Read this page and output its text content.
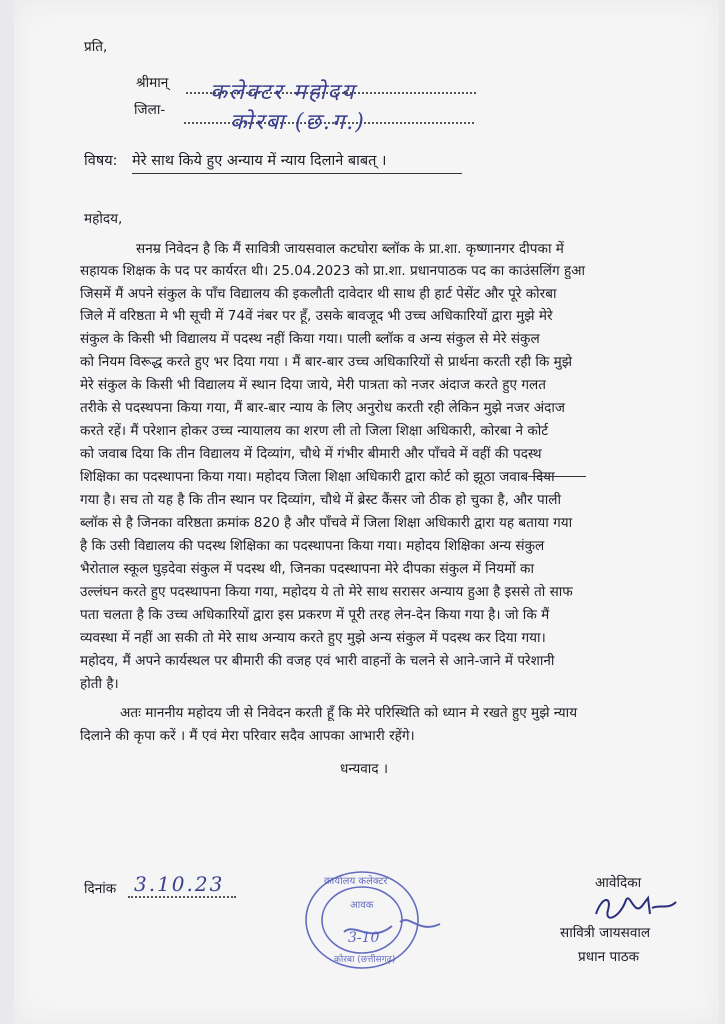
प्रति,
श्रीमान् कलेक्टर महोदय
जिला-	कोरबा (छ.ग.)
विषय: मेरे साथ किये हुए अन्याय में न्याय दिलाने बाबत् ।
महोदय,
सनम्र निवेदन है कि मैं सावित्री जायसवाल कटघोरा ब्लॉक के प्रा.शा. कृष्णानगर दीपका में
सहायक शिक्षक के पद पर कार्यरत थी। 25.04.2023 को प्रा.शा. प्रधानपाठक पद का काउंसलिंग हुआ
जिसमें मैं अपने संकुल के पाँच विद्यालय की इकलौती दावेदार थी साथ ही हार्ट पेसेंट और पूरे कोरबा
जिले में वरिष्ठता मे भी सूची में 74वें नंबर पर हूँ, उसके बावजूद भी उच्च अधिकारियों द्वारा मुझे मेरे
संकुल के किसी भी विद्यालय में पदस्थ नहीं किया गया। पाली ब्लॉक व अन्य संकुल से मेरे संकुल
को नियम विरूद्ध करते हुए भर दिया गया । मैं बार-बार उच्च अधिकारियों से प्रार्थना करती रही कि मुझे
मेरे संकुल के किसी भी विद्यालय में स्थान दिया जाये, मेरी पात्रता को नजर अंदाज करते हुए गलत
तरीके से पदस्थपना किया गया, मैं बार-बार न्याय के लिए अनुरोध करती रही लेकिन मुझे नजर अंदाज
करते रहें। मैं परेशान होकर उच्च न्यायालय का शरण ली तो जिला शिक्षा अधिकारी, कोरबा ने कोर्ट
को जवाब दिया कि तीन विद्यालय में दिव्यांग, चौथे में गंभीर बीमारी और पाँचवे में वहीं की पदस्थ
शिक्षिका का पदस्थापना किया गया। महोदय जिला शिक्षा अधिकारी द्वारा कोर्ट को झूठा जवाब दिया
गया है। सच तो यह है कि तीन स्थान पर दिव्यांग, चौथे में ब्रेस्ट कैंसर जो ठीक हो चुका है, और पाली
ब्लॉक से है जिनका वरिष्ठता क्रमांक 820 है और पाँचवे में जिला शिक्षा अधिकारी द्वारा यह बताया गया
है कि उसी विद्यालय की पदस्थ शिक्षिका का पदस्थापना किया गया। महोदय शिक्षिका अन्य संकुल
भैरोताल स्कूल घुड़देवा संकुल में पदस्थ थी, जिनका पदस्थापना मेरे दीपका संकुल में नियमों का
उल्लंघन करते हुए पदस्थापना किया गया, महोदय ये तो मेरे साथ सरासर अन्याय हुआ है इससे तो साफ
पता चलता है कि उच्च अधिकारियों द्वारा इस प्रकरण में पूरी तरह लेन-देन किया गया है। जो कि मैं
व्यवस्था में नहीं आ सकी तो मेरे साथ अन्याय करते हुए मुझे अन्य संकुल में पदस्थ कर दिया गया।
महोदय, मैं अपने कार्यस्थल पर बीमारी की वजह एवं भारी वाहनों के चलने से आने-जाने में परेशानी
होती है।
अतः माननीय महोदय जी से निवेदन करती हूँ कि मेरे परिस्थिति को ध्यान मे रखते हुए मुझे न्याय
दिलाने की कृपा करें । मैं एवं मेरा परिवार सदैव आपका आभारी रहेंगे।
धन्यवाद ।
दिनांक 3.10.23	कार्यालय कलेक्टर
आवक
3-10
कोरबा (छत्तीसगढ़)
आवेदिका
सावित्री जायसवाल
प्रधान पाठक
